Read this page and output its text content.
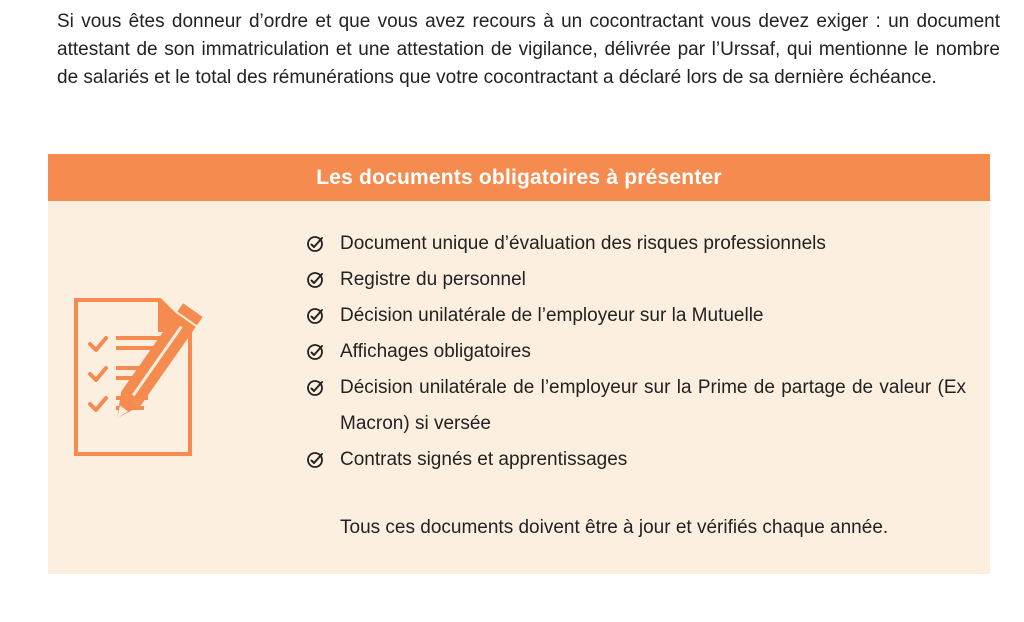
Si vous êtes donneur d’ordre et que vous avez recours à un cocontractant vous devez exiger : un document attestant de son immatriculation et une attestation de vigilance, délivrée par l’Urssaf, qui mentionne le nombre de salariés et le total des rémunérations que votre cocontractant a déclaré lors de sa dernière échéance.

Les documents obligatoires à présenter
Document unique d’évaluation des risques professionnels
Registre du personnel
Décision unilatérale de l’employeur sur la Mutuelle
Affichages obligatoires
Décision unilatérale de l’employeur sur la Prime de partage de valeur (Ex Macron) si versée
Contrats signés et apprentissages

Tous ces documents doivent être à jour et vérifiés chaque année.
